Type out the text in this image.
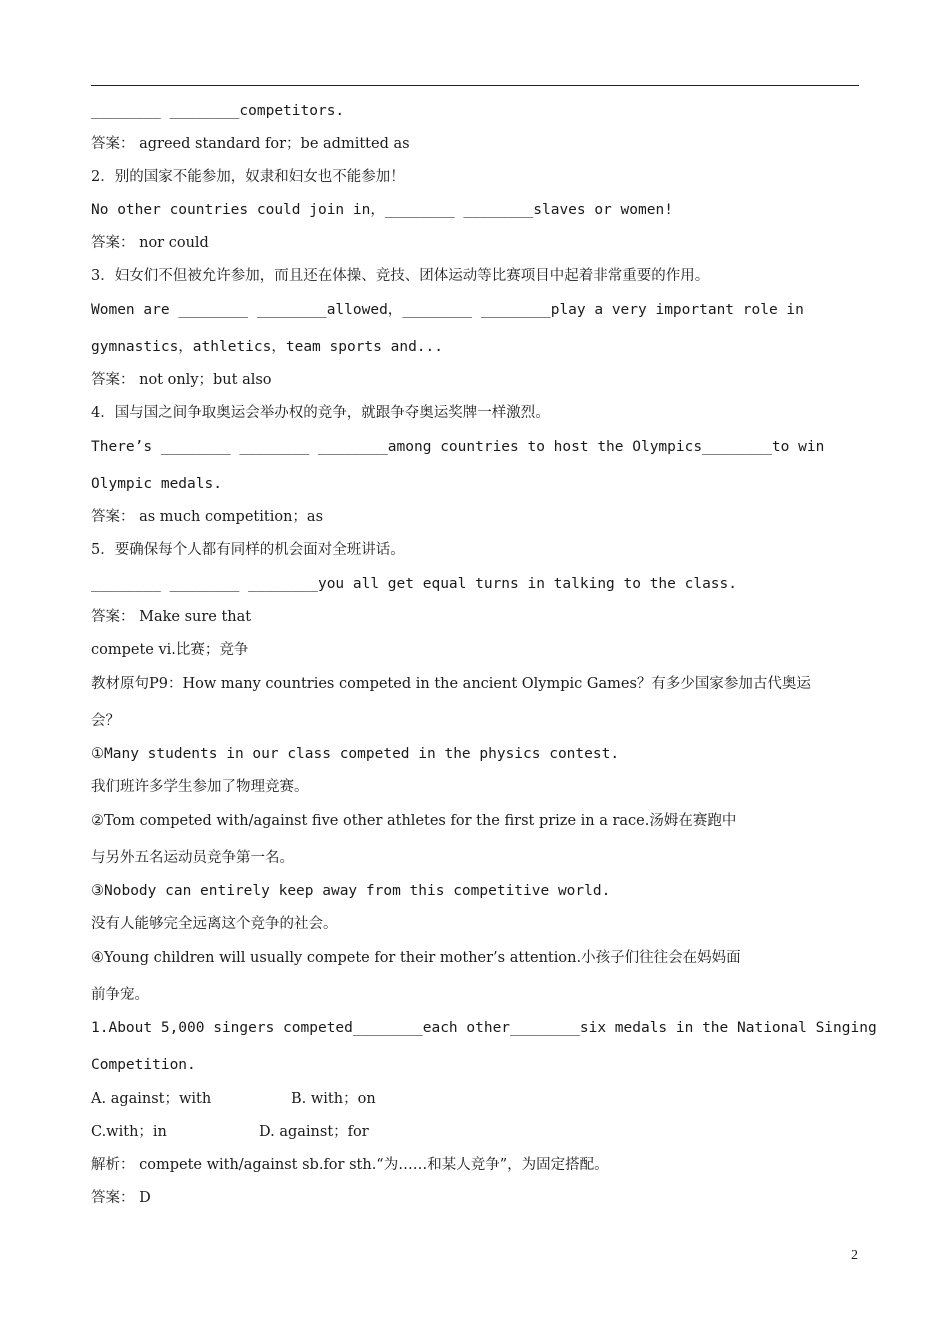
________ ________competitors.
答案： agreed standard for；be admitted as
2．别的国家不能参加，奴隶和妇女也不能参加！
No other countries could join in，________ ________slaves or women!
答案： nor could
3．妇女们不但被允许参加，而且还在体操、竞技、团体运动等比赛项目中起着非常重要的作用。
Women are ________ ________allowed，________ ________play a very important role in
gymnastics，athletics，team sports and...
答案： not only；but also
4．国与国之间争取奥运会举办权的竞争，就跟争夺奥运奖牌一样激烈。
There’s ________ ________ ________among countries to host the Olympics________to win
Olympic medals.
答案： as much competition；as
5．要确保每个人都有同样的机会面对全班讲话。
________ ________ ________you all get equal turns in talking to the class.
答案： Make sure that
compete vi.比赛；竞争
教材原句P9：How many countries competed in the ancient Olympic Games？有多少国家参加古代奥运
会？
①Many students in our class competed in the physics contest.
我们班许多学生参加了物理竞赛。
②Tom competed with/against five other athletes for the first prize in a race.汤姆在赛跑中
与另外五名运动员竞争第一名。
③Nobody can entirely keep away from this competitive world.
没有人能够完全远离这个竞争的社会。
④Young children will usually compete for their mother’s attention.小孩子们往往会在妈妈面
前争宠。
1.About 5,000 singers competed________each other________six medals in the National Singing
Competition.
A. against；with	B. with；on
C.with；in	D. against；for
解析： compete with/against sb.for sth.“为……和某人竞争”，为固定搭配。
答案： D
2
